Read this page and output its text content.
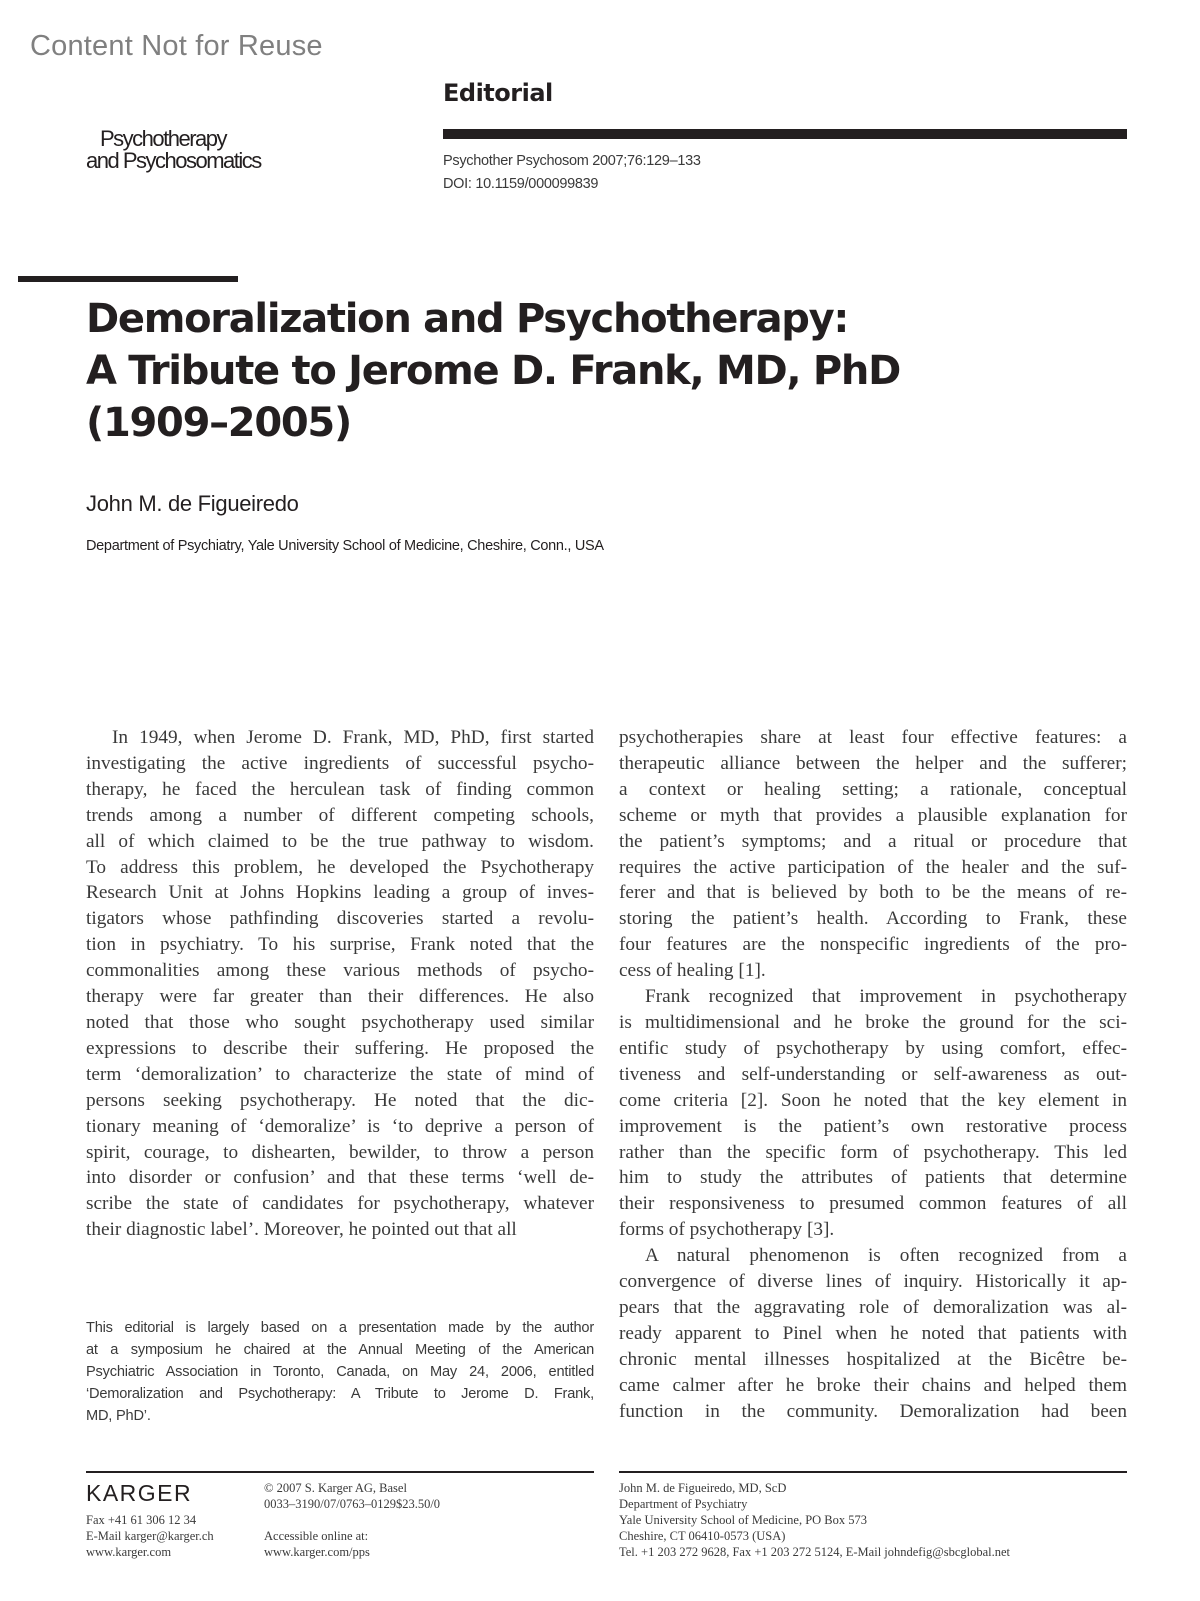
Content Not for Reuse
Editorial
Psychotherapy
and Psychosomatics	Psychother Psychosom 2007;76:129–133
DOI: 10.1159/000099839
Demoralization and Psychotherapy:
A Tribute to Jerome D. Frank, MD, PhD
(1909–2005)
John M. de Figueiredo
Department of Psychiatry, Yale University School of Medicine, Cheshire, Conn., USA
In 1949, when Jerome D. Frank, MD, PhD, first started
investigating the active ingredients of successful psycho-
therapy, he faced the herculean task of finding common
trends among a number of different competing schools,
all of which claimed to be the true pathway to wisdom.
To address this problem, he developed the Psychotherapy
Research Unit at Johns Hopkins leading a group of inves-
tigators whose pathfinding discoveries started a revolu-
tion in psychiatry. To his surprise, Frank noted that the
commonalities among these various methods of psycho-
therapy were far greater than their differences. He also
noted that those who sought psychotherapy used similar
expressions to describe their suffering. He proposed the
term ‘demoralization’ to characterize the state of mind of
persons seeking psychotherapy. He noted that the dic-
tionary meaning of ‘demoralize’ is ‘to deprive a person of
spirit, courage, to dishearten, bewilder, to throw a person
into disorder or confusion’ and that these terms ‘well de-
scribe the state of candidates for psychotherapy, whatever
their diagnostic label’. Moreover, he pointed out that all
psychotherapies share at least four effective features: a
therapeutic alliance between the helper and the sufferer;
a context or healing setting; a rationale, conceptual
scheme or myth that provides a plausible explanation for
the patient’s symptoms; and a ritual or procedure that
requires the active participation of the healer and the suf-
ferer and that is believed by both to be the means of re-
storing the patient’s health. According to Frank, these
four features are the nonspecific ingredients of the pro-
cess of healing [1].
Frank recognized that improvement in psychotherapy
is multidimensional and he broke the ground for the sci-
entific study of psychotherapy by using comfort, effec-
tiveness and self-understanding or self-awareness as out-
come criteria [2]. Soon he noted that the key element in
improvement is the patient’s own restorative process
rather than the specific form of psychotherapy. This led
him to study the attributes of patients that determine
their responsiveness to presumed common features of all
forms of psychotherapy [3].
A natural phenomenon is often recognized from a
convergence of diverse lines of inquiry. Historically it ap-
pears that the aggravating role of demoralization was al-
ready apparent to Pinel when he noted that patients with
chronic mental illnesses hospitalized at the Bicêtre be-
came calmer after he broke their chains and helped them
function in the community. Demoralization had been
This editorial is largely based on a presentation made by the author
at a symposium he chaired at the Annual Meeting of the American
Psychiatric Association in Toronto, Canada, on May 24, 2006, entitled
‘Demoralization and Psychotherapy: A Tribute to Jerome D. Frank,
MD, PhD’.
KARGER
Fax +41 61 306 12 34
E-Mail karger@karger.ch
www.karger.com
© 2007 S. Karger AG, Basel
0033–3190/07/0763–0129$23.50/0
Accessible online at:
www.karger.com/pps
John M. de Figueiredo, MD, ScD
Department of Psychiatry
Yale University School of Medicine, PO Box 573
Cheshire, CT 06410-0573 (USA)
Tel. +1 203 272 9628, Fax +1 203 272 5124, E-Mail johndefig@sbcglobal.net
